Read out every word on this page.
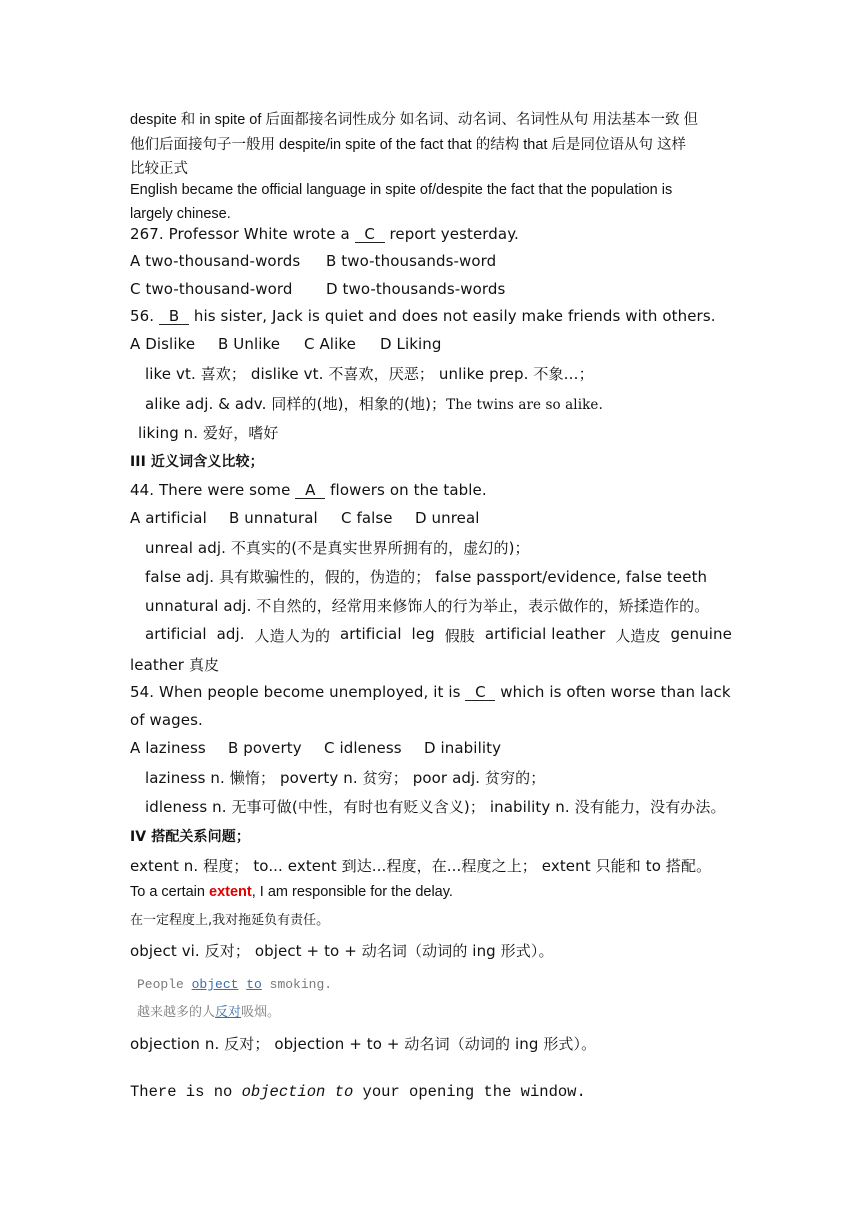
despite 和 in spite of 后面都接名词性成分 如名词、动名词、名词性从句 用法基本一致 但
他们后面接句子一般用 despite/in spite of the fact that 的结构 that 后是同位语从句 这样
比较正式
English became the official language in spite of/despite the fact that the population is
largely chinese.
267. Professor White wrote a C report yesterday.
A two-thousand-words B two-thousands-word
C two-thousand-word D two-thousands-words
56. B his sister, Jack is quiet and does not easily make friends with others.
A Dislike B Unlike C Alike D Liking
like vt. 喜欢； dislike vt. 不喜欢，厌恶； unlike prep. 不象…；
alike adj. & adv. 同样的(地)，相象的(地)；The twins are so alike.
liking n. 爱好，嗜好
III 近义词含义比较；
44. There were some A flowers on the table.
A artificial B unnatural C false D unreal
unreal adj. 不真实的(不是真实世界所拥有的，虚幻的)；
false adj. 具有欺骗性的，假的，伪造的； false passport/evidence, false teeth
unnatural adj. 不自然的，经常用来修饰人的行为举止，表示做作的，矫揉造作的。
artificial adj. 人造人为的 artificial leg 假肢 artificial leather 人造皮 genuine
leather 真皮
54. When people become unemployed, it is C which is often worse than lack
of wages.
A laziness B poverty C idleness D inability
laziness n. 懒惰； poverty n. 贫穷； poor adj. 贫穷的；
idleness n. 无事可做(中性，有时也有贬义含义)； inability n. 没有能力，没有办法。
IV 搭配关系问题；
extent n. 程度； to... extent 到达...程度，在...程度之上； extent 只能和 to 搭配。
To a certain extent, I am responsible for the delay.
在一定程度上,我对拖延负有责任。
object vi. 反对； object + to + 动名词（动词的 ing 形式）。
People object to smoking.
越来越多的人反对吸烟。
objection n. 反对； objection + to + 动名词（动词的 ing 形式）。
There is no objection to your opening the window.
